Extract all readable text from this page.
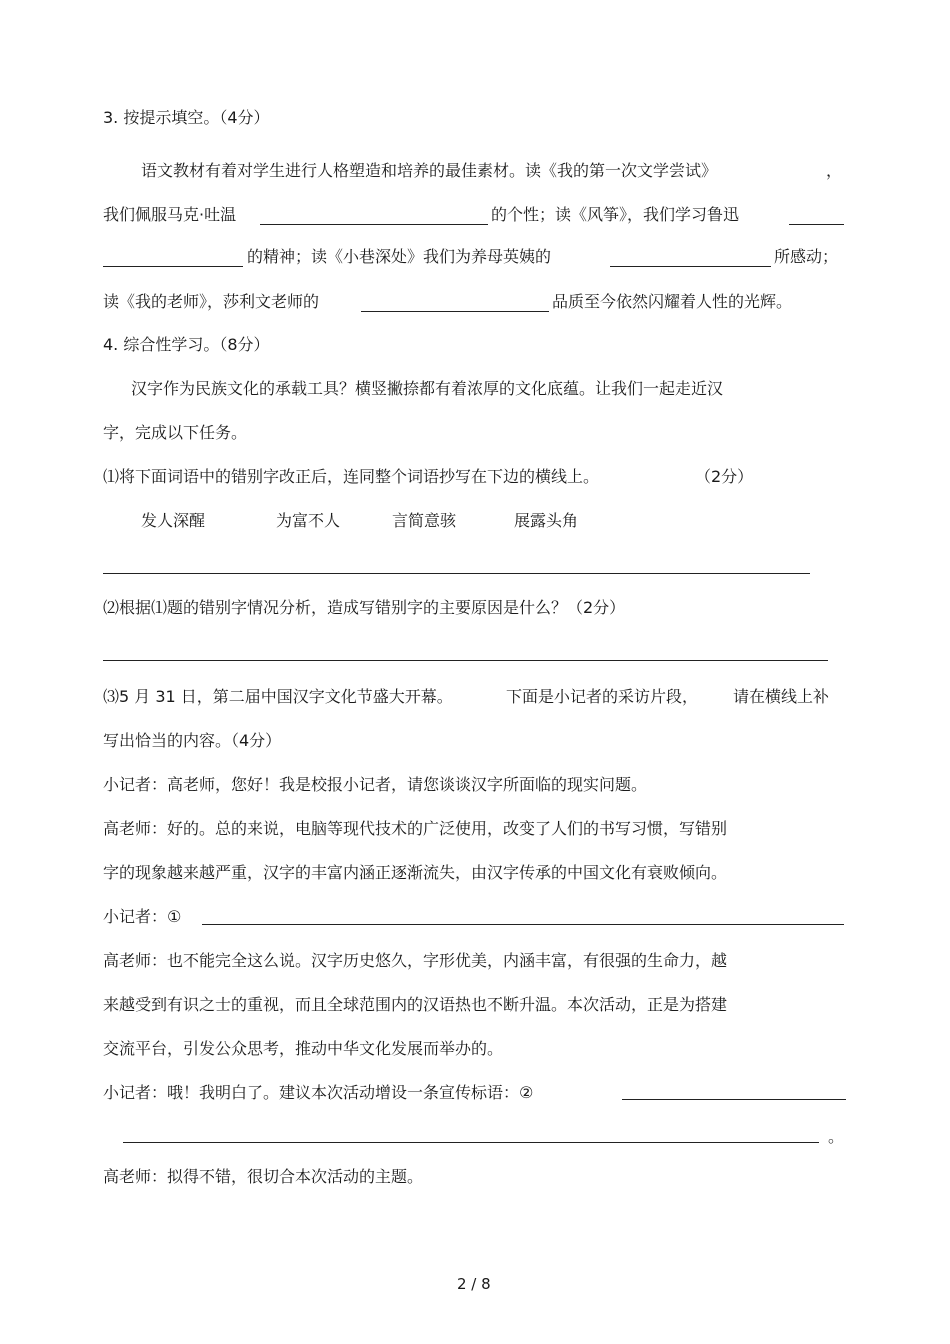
3. 按提示填空。（4分）
语文教材有着对学生进行人格塑造和培养的最佳素材。读《我的第一次文学尝试》	，
我们佩服马克·吐温	的个性；读《风筝》，我们学习鲁迅
的精神；读《小巷深处》我们为养母英姨的	所感动；
读《我的老师》，莎利文老师的	品质至今依然闪耀着人性的光辉。
4. 综合性学习。（8分）
汉字作为民族文化的承载工具？横竖撇捺都有着浓厚的文化底蕴。让我们一起走近汉
字，完成以下任务。
⑴将下面词语中的错别字改正后，连同整个词语抄写在下边的横线上。	（2分）
发人深醒	为富不人	言简意骇	展露头角
⑵根据⑴题的错别字情况分析，造成写错别字的主要原因是什么？（2分）
⑶5 月 31 日，第二届中国汉字文化节盛大开幕。	下面是小记者的采访片段， 请在横线上补
写出恰当的内容。（4分）
小记者：高老师，您好！我是校报小记者，请您谈谈汉字所面临的现实问题。
高老师：好的。总的来说，电脑等现代技术的广泛使用，改变了人们的书写习惯，写错别
字的现象越来越严重，汉字的丰富内涵正逐渐流失，由汉字传承的中国文化有衰败倾向。
小记者：①
高老师：也不能完全这么说。汉字历史悠久，字形优美，内涵丰富，有很强的生命力，越
来越受到有识之士的重视，而且全球范围内的汉语热也不断升温。本次活动，正是为搭建
交流平台，引发公众思考，推动中华文化发展而举办的。
小记者：哦！我明白了。建议本次活动增设一条宣传标语：②
。
高老师：拟得不错，很切合本次活动的主题。
2 / 8
